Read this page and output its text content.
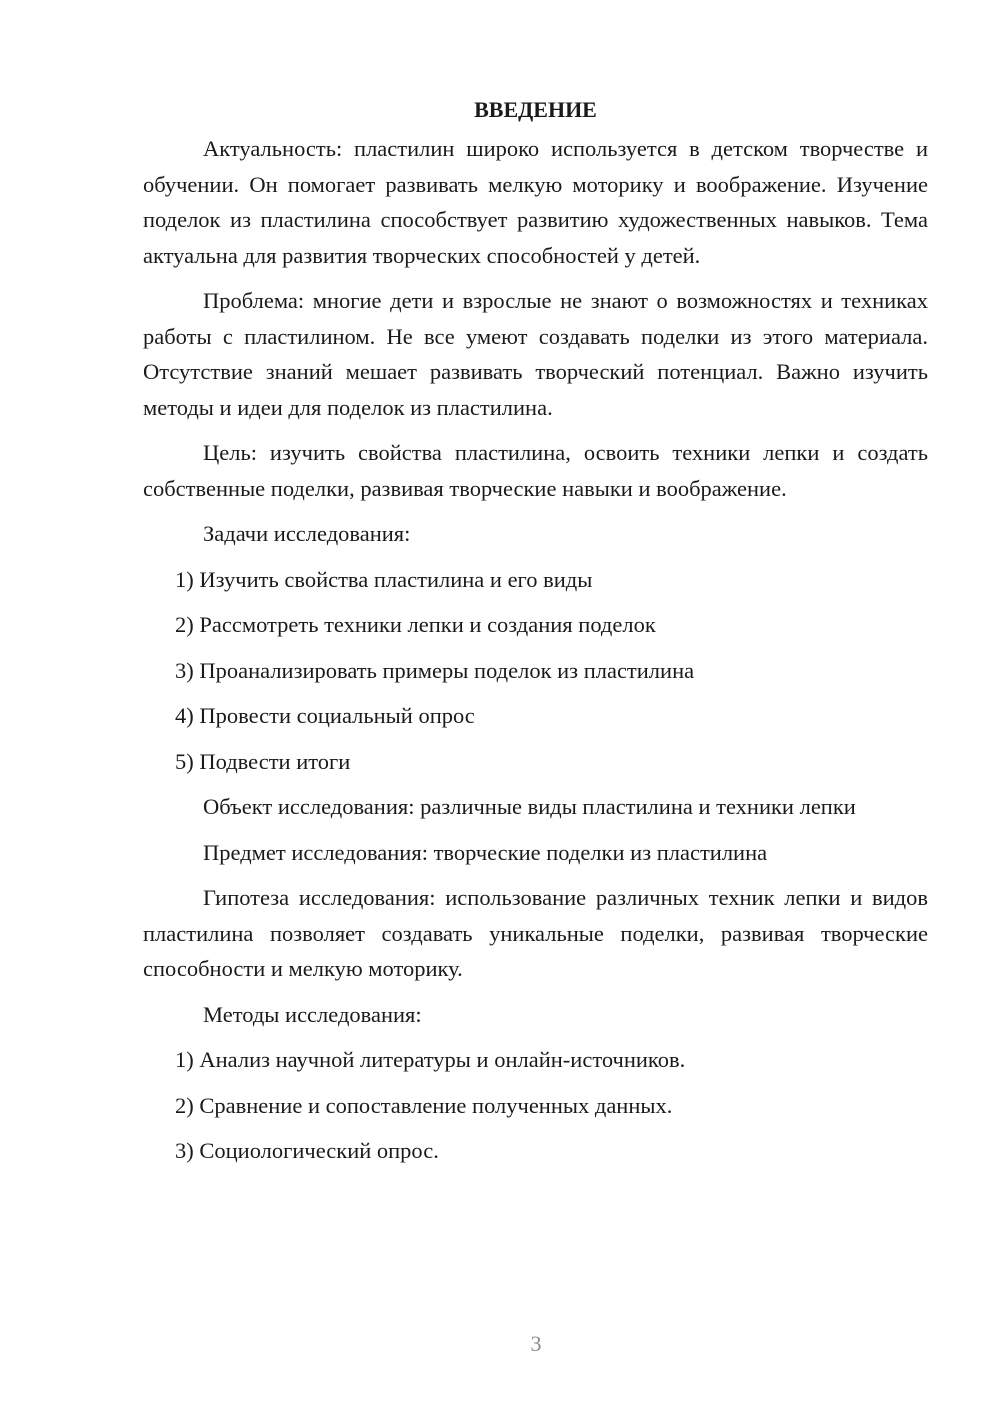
ВВЕДЕНИЕ

Актуальность: пластилин широко используется в детском творчестве и обучении. Он помогает развивать мелкую моторику и воображение. Изучение поделок из пластилина способствует развитию художественных навыков. Тема актуальна для развития творческих способностей у детей.

Проблема: многие дети и взрослые не знают о возможностях и техниках работы с пластилином. Не все умеют создавать поделки из этого материала. Отсутствие знаний мешает развивать творческий потенциал. Важно изучить методы и идеи для поделок из пластилина.

Цель: изучить свойства пластилина, освоить техники лепки и создать собственные поделки, развивая творческие навыки и воображение.

Задачи исследования:
1) Изучить свойства пластилина и его виды
2) Рассмотреть техники лепки и создания поделок
3) Проанализировать примеры поделок из пластилина
4) Провести социальный опрос
5) Подвести итоги
Объект исследования: различные виды пластилина и техники лепки
Предмет исследования: творческие поделки из пластилина

Гипотеза исследования: использование различных техник лепки и видов пластилина позволяет создавать уникальные поделки, развивая творческие способности и мелкую моторику.

Методы исследования:
1) Анализ научной литературы и онлайн-источников.
2) Сравнение и сопоставление полученных данных.
3) Социологический опрос.
3
